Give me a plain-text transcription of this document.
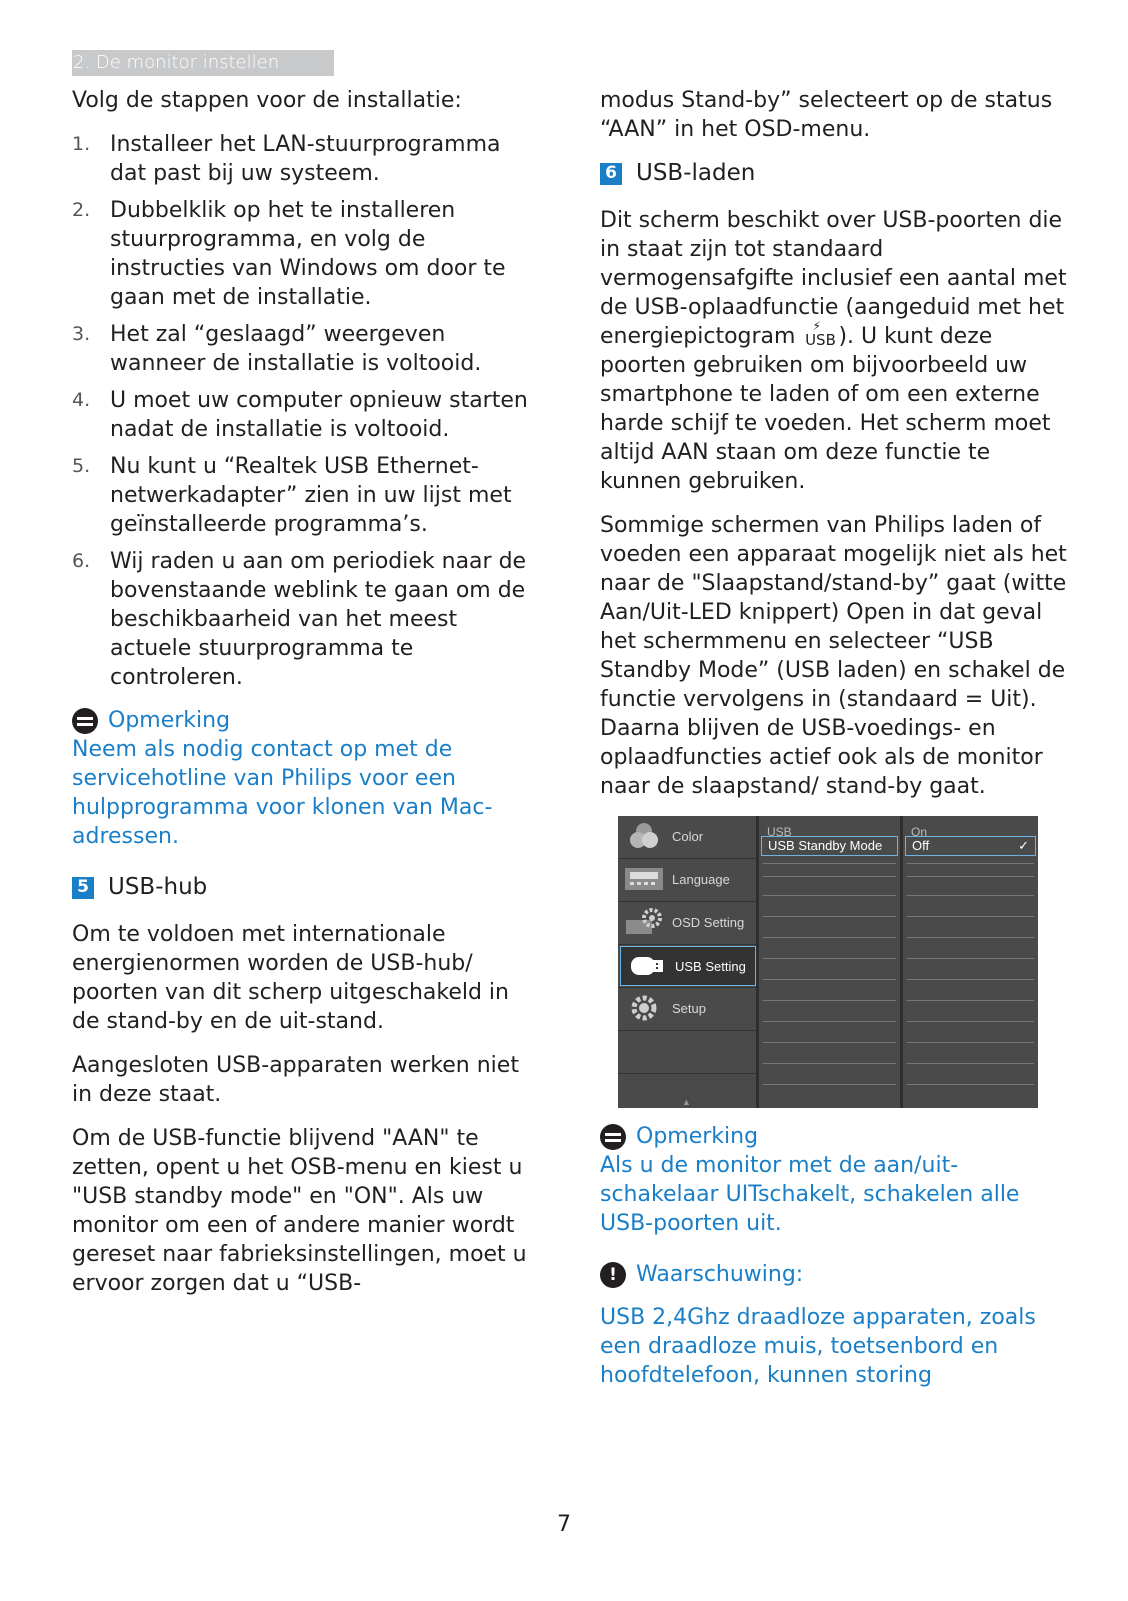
2. De monitor instellen

Volg de stappen voor de installatie:

1. Installeer het LAN-stuurprogramma dat past bij uw systeem.
2. Dubbelklik op het te installeren stuurprogramma, en volg de instructies van Windows om door te gaan met de installatie.
3. Het zal “geslaagd” weergeven wanneer de installatie is voltooid.
4. U moet uw computer opnieuw starten nadat de installatie is voltooid.
5. Nu kunt u “Realtek USB Ethernet-netwerkadapter” zien in uw lijst met geïnstalleerde programma’s.
6. Wij raden u aan om periodiek naar de bovenstaande weblink te gaan om de beschikbaarheid van het meest actuele stuurprogramma te controleren.
Opmerking
Neem als nodig contact op met de servicehotline van Philips voor een hulpprogramma voor klonen van Mac-adressen.
5 USB-hub

Om te voldoen met internationale energienormen worden de USB-hub/ poorten van dit scherp uitgeschakeld in de stand-by en de uit-stand.

Aangesloten USB-apparaten werken niet in deze staat.

Om de USB-functie blijvend "AAN" te zetten, opent u het OSB-menu en kiest u "USB standby mode" en "ON". Als uw monitor om een of andere manier wordt gereset naar fabrieksinstellingen, moet u ervoor zorgen dat u “USB-

modus Stand-by” selecteert op de status “AAN” in het OSD-menu.

6 USB-laden

Dit scherm beschikt over USB-poorten die in staat zijn tot standaard vermogensafgifte inclusief een aantal met de USB-oplaadfunctie (aangeduid met het energiepictogram ⚡ USB ). U kunt deze poorten gebruiken om bijvoorbeeld uw smartphone te laden of om een externe harde schijf te voeden. Het scherm moet altijd AAN staan om deze functie te kunnen gebruiken.

Sommige schermen van Philips laden of voeden een apparaat mogelijk niet als het naar de "Slaapstand/stand-by” gaat (witte Aan/Uit-LED knippert) Open in dat geval het schermmenu en selecteer “USB Standby Mode” (USB laden) en schakel de functie vervolgens in (standaard = Uit). Daarna blijven de USB-voedings- en oplaadfuncties actief ook als de monitor naar de slaapstand/ stand-by gaat.

Color
Language
OSD Setting
USB Setting
Setup
▲
USB
USB Standby Mode
On
Off	✓
Opmerking
Als u de monitor met de aan/uit-schakelaar UITschakelt, schakelen alle USB-poorten uit.
! Waarschuwing:
USB 2,4Ghz draadloze apparaten, zoals een draadloze muis, toetsenbord en hoofdtelefoon, kunnen storing
7
